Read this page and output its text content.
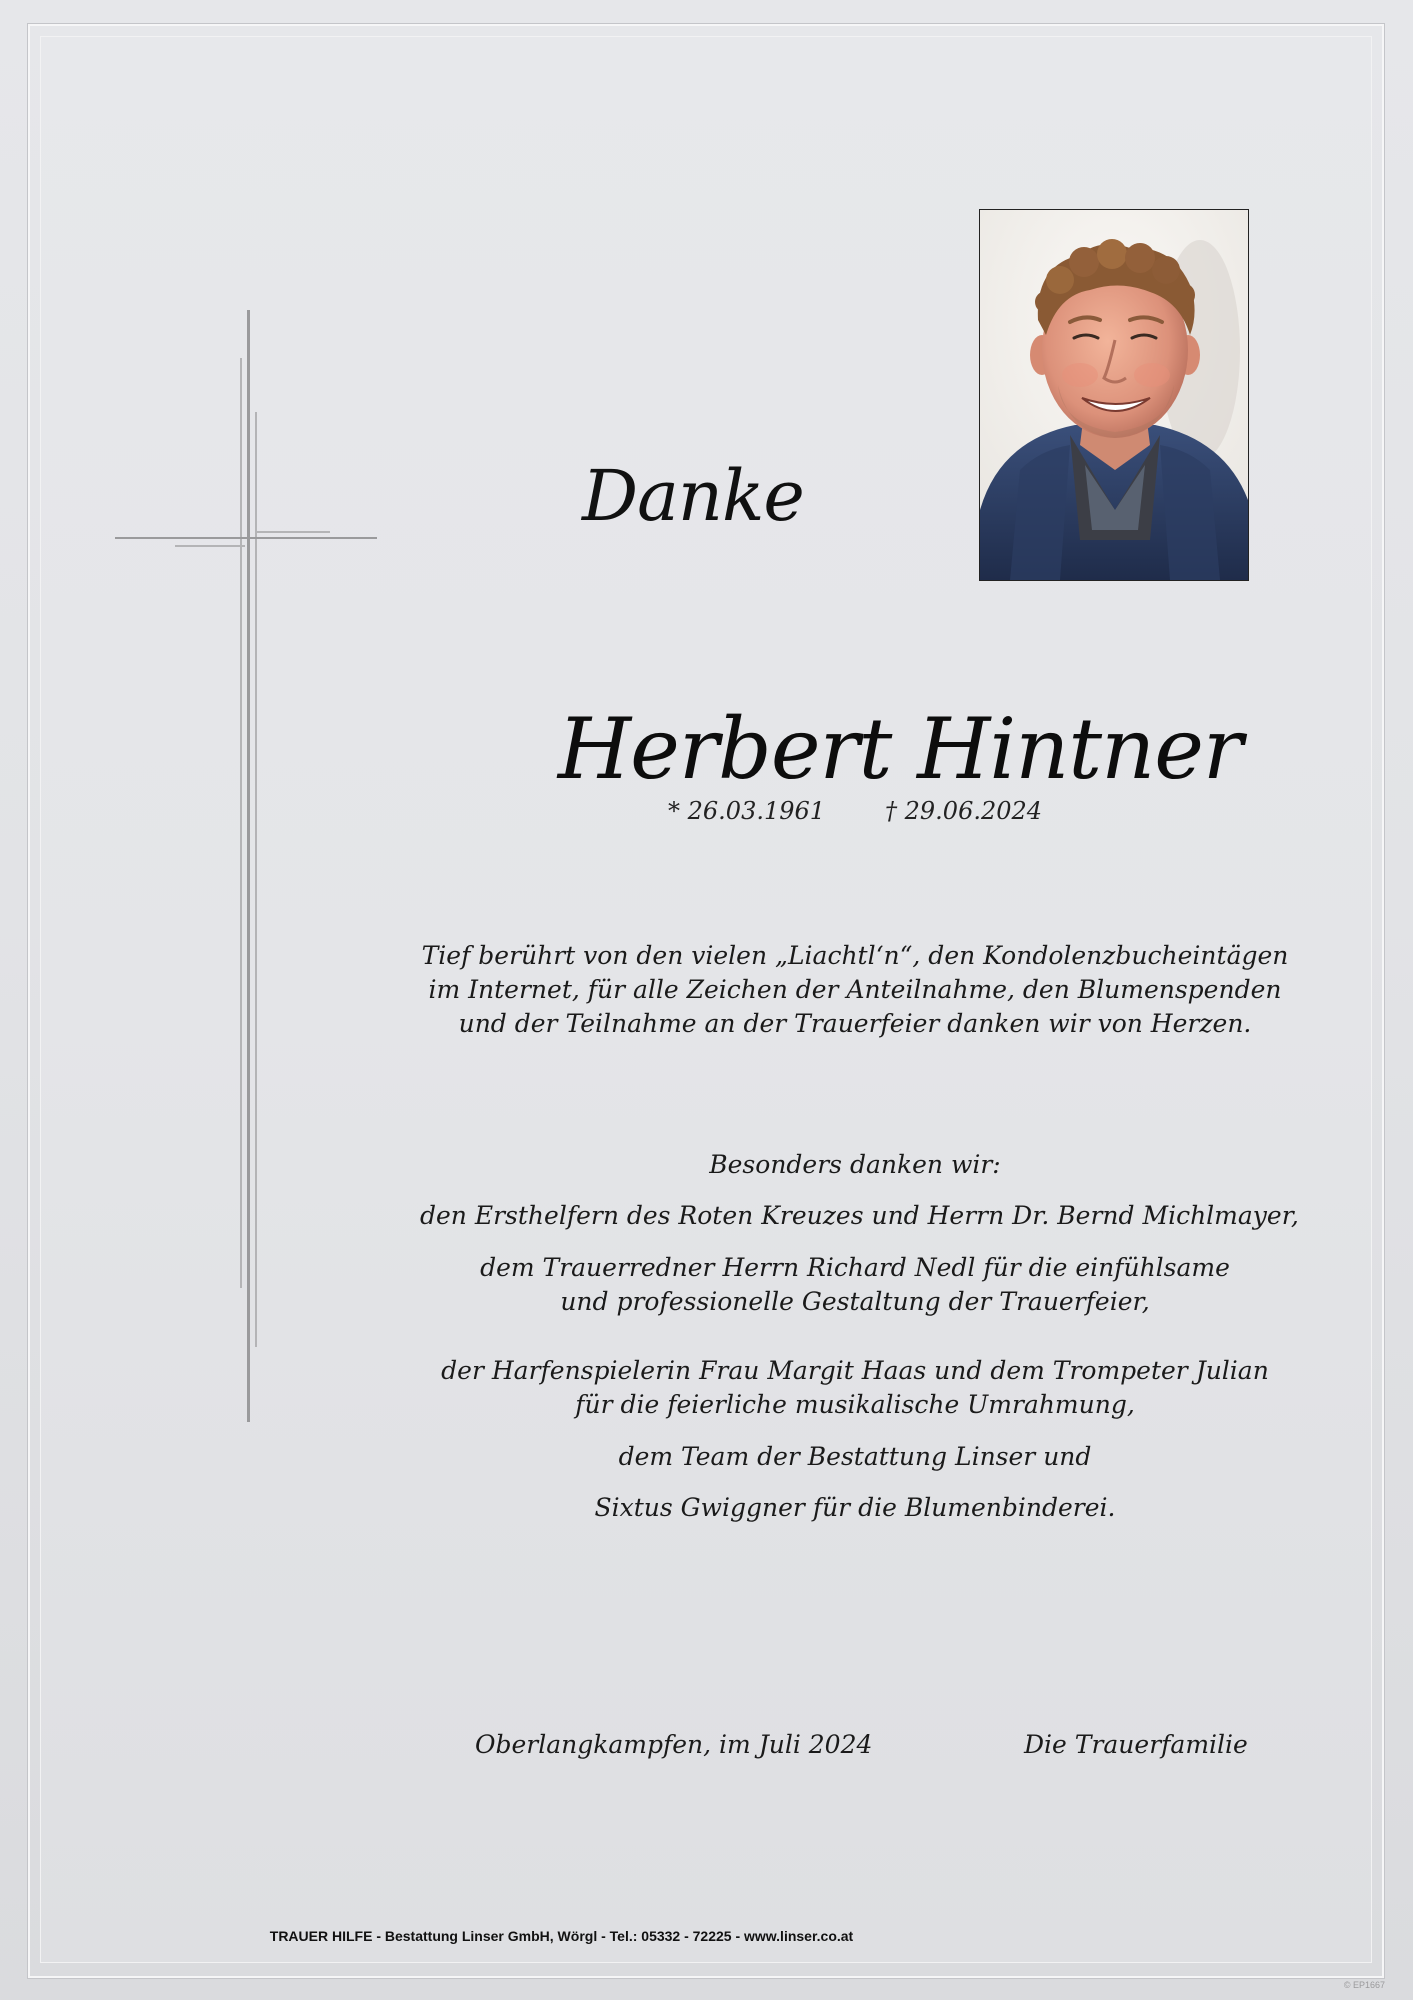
Danke
Herbert Hintner
* 26.03.1961 † 29.06.2024
Tief berührt von den vielen „Liachtl‘n“, den Kondolenzbucheintägen
im Internet, für alle Zeichen der Anteilnahme, den Blumenspenden
und der Teilnahme an der Trauerfeier danken wir von Herzen.
Besonders danken wir:
den Ersthelfern des Roten Kreuzes und Herrn Dr. Bernd Michlmayer,
dem Trauerredner Herrn Richard Nedl für die einfühlsame
und professionelle Gestaltung der Trauerfeier,
der Harfenspielerin Frau Margit Haas und dem Trompeter Julian
für die feierliche musikalische Umrahmung,
dem Team der Bestattung Linser und
Sixtus Gwiggner für die Blumenbinderei.
Oberlangkampfen, im Juli 2024	Die Trauerfamilie
TRAUER HILFE - Bestattung Linser GmbH, Wörgl - Tel.: 05332 - 72225 - www.linser.co.at
© EP1667
